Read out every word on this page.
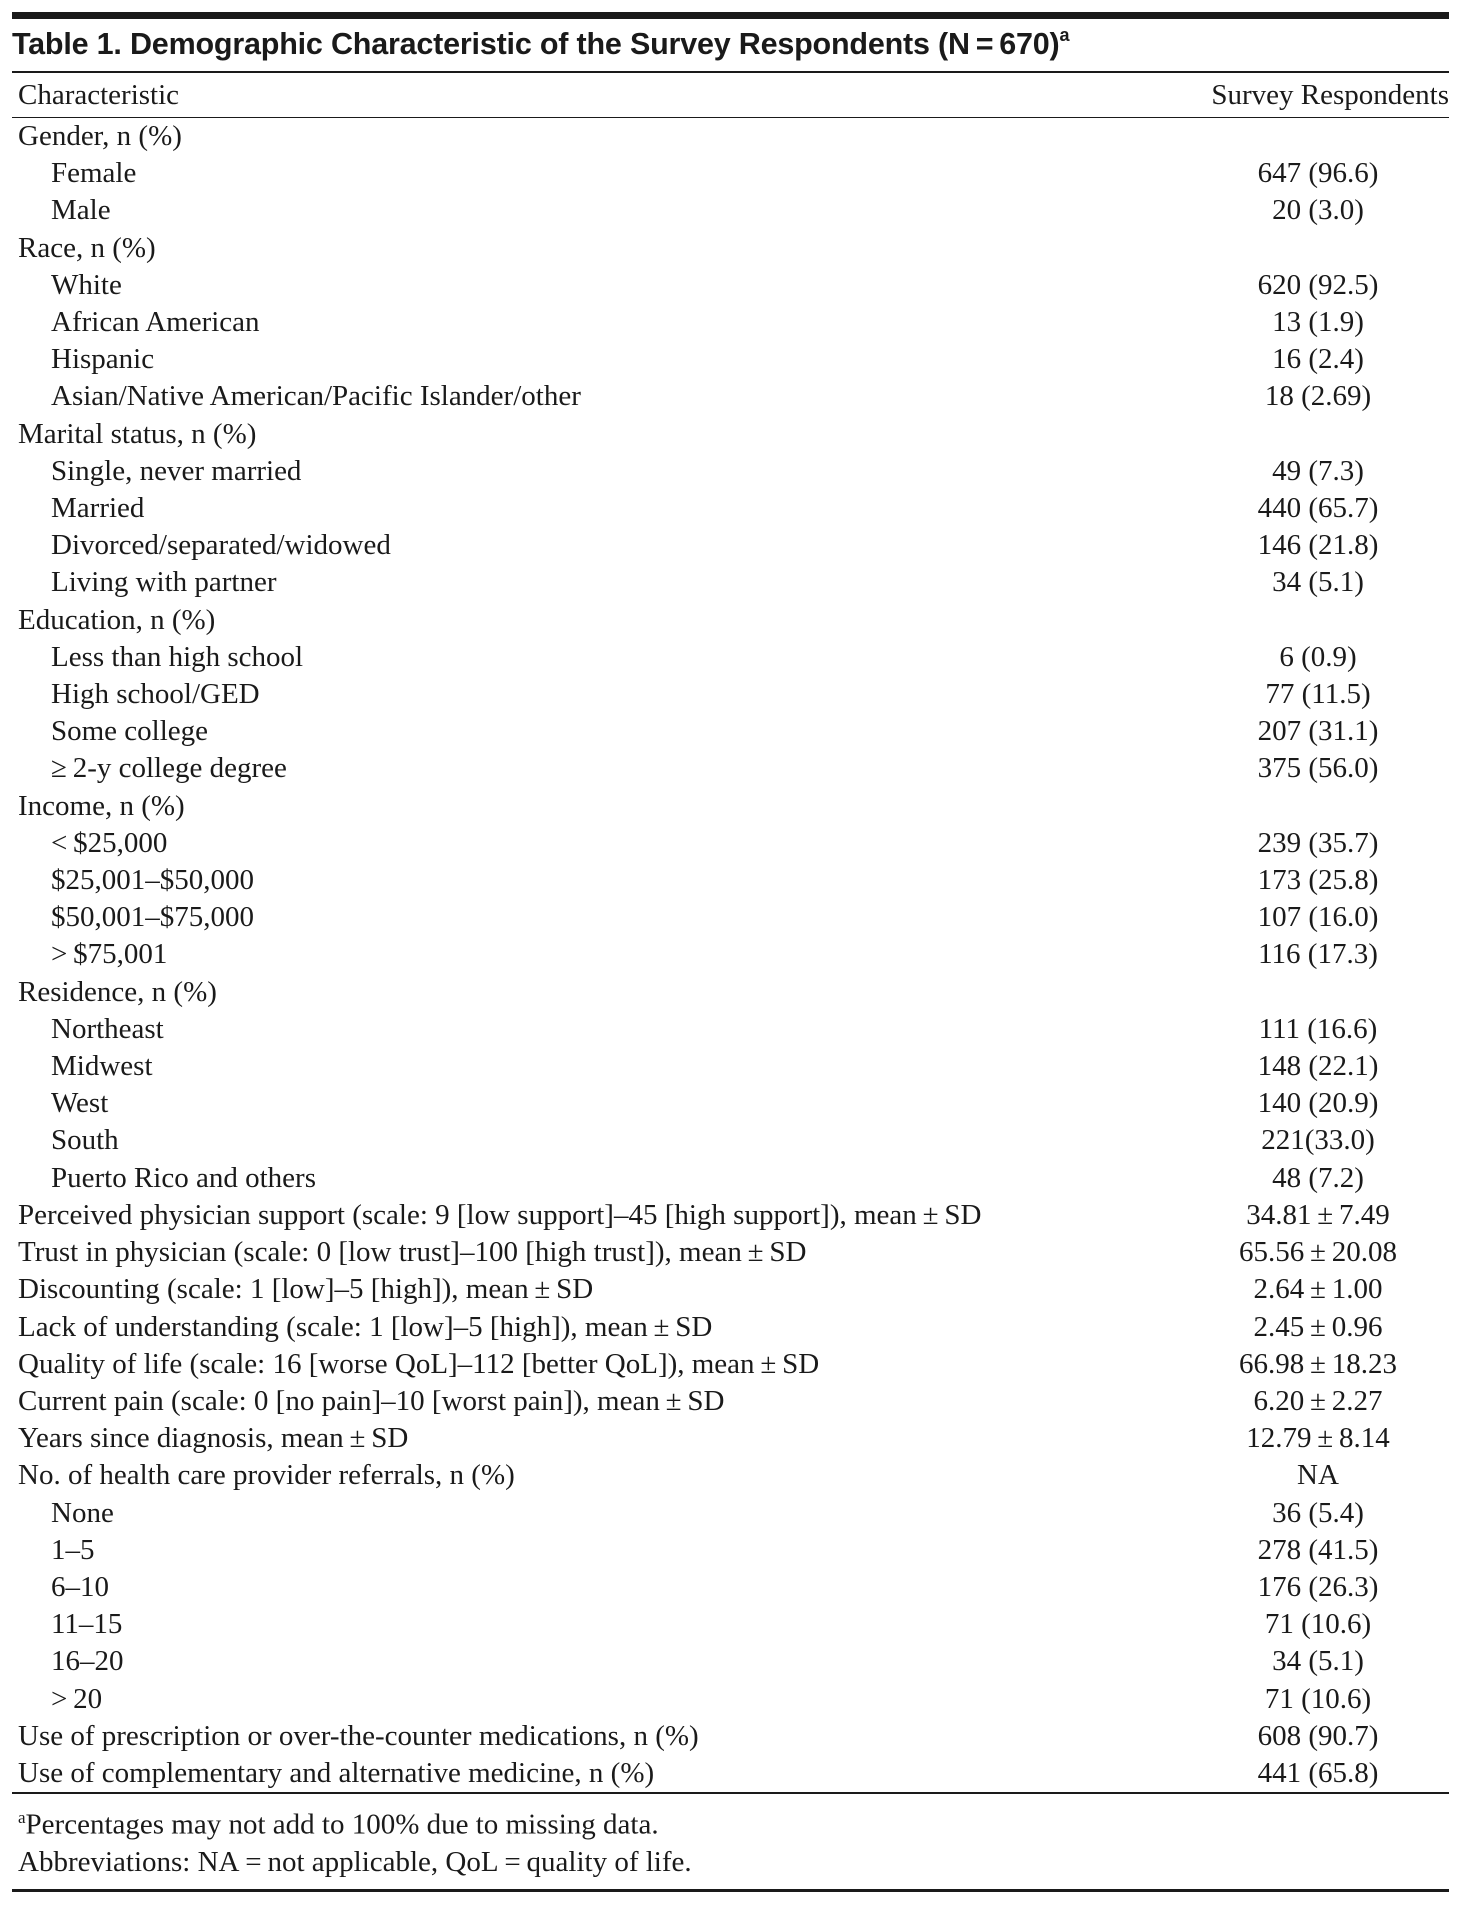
Table 1. Demographic Characteristic of the Survey Respondents (N = 670)$^a$
Characteristic	Survey Respondents
Gender, n (%)	
Female	647 (96.6)
Male	20 (3.0)
Race, n (%)	
White	620 (92.5)
African American	13 (1.9)
Hispanic	16 (2.4)
Asian/Native American/Pacific Islander/other	18 (2.69)
Marital status, n (%)	
Single, never married	49 (7.3)
Married	440 (65.7)
Divorced/separated/widowed	146 (21.8)
Living with partner	34 (5.1)
Education, n (%)	
Less than high school	6 (0.9)
High school/GED	77 (11.5)
Some college	207 (31.1)
≥ 2-y college degree	375 (56.0)
Income, n (%)	
< $25,000	239 (35.7)
$25,001–$50,000	173 (25.8)
$50,001–$75,000	107 (16.0)
> $75,001	116 (17.3)
Residence, n (%)	
Northeast	111 (16.6)
Midwest	148 (22.1)
West	140 (20.9)
South	221(33.0)
Puerto Rico and others	48 (7.2)
Perceived physician support (scale: 9 [low support]–45 [high support]), mean ± SD	34.81 ± 7.49
Trust in physician (scale: 0 [low trust]–100 [high trust]), mean ± SD	65.56 ± 20.08
Discounting (scale: 1 [low]–5 [high]), mean ± SD	2.64 ± 1.00
Lack of understanding (scale: 1 [low]–5 [high]), mean ± SD	2.45 ± 0.96
Quality of life (scale: 16 [worse QoL]–112 [better QoL]), mean ± SD	66.98 ± 18.23
Current pain (scale: 0 [no pain]–10 [worst pain]), mean ± SD	6.20 ± 2.27
Years since diagnosis, mean ± SD	12.79 ± 8.14
No. of health care provider referrals, n (%)	NA
None	36 (5.4)
1–5	278 (41.5)
6–10	176 (26.3)
11–15	71 (10.6)
16–20	34 (5.1)
> 20	71 (10.6)
Use of prescription or over-the-counter medications, n (%)	608 (90.7)
Use of complementary and alternative medicine, n (%)	441 (65.8)
$^a$Percentages may not add to 100% due to missing data.
Abbreviations: NA = not applicable, QoL = quality of life.
